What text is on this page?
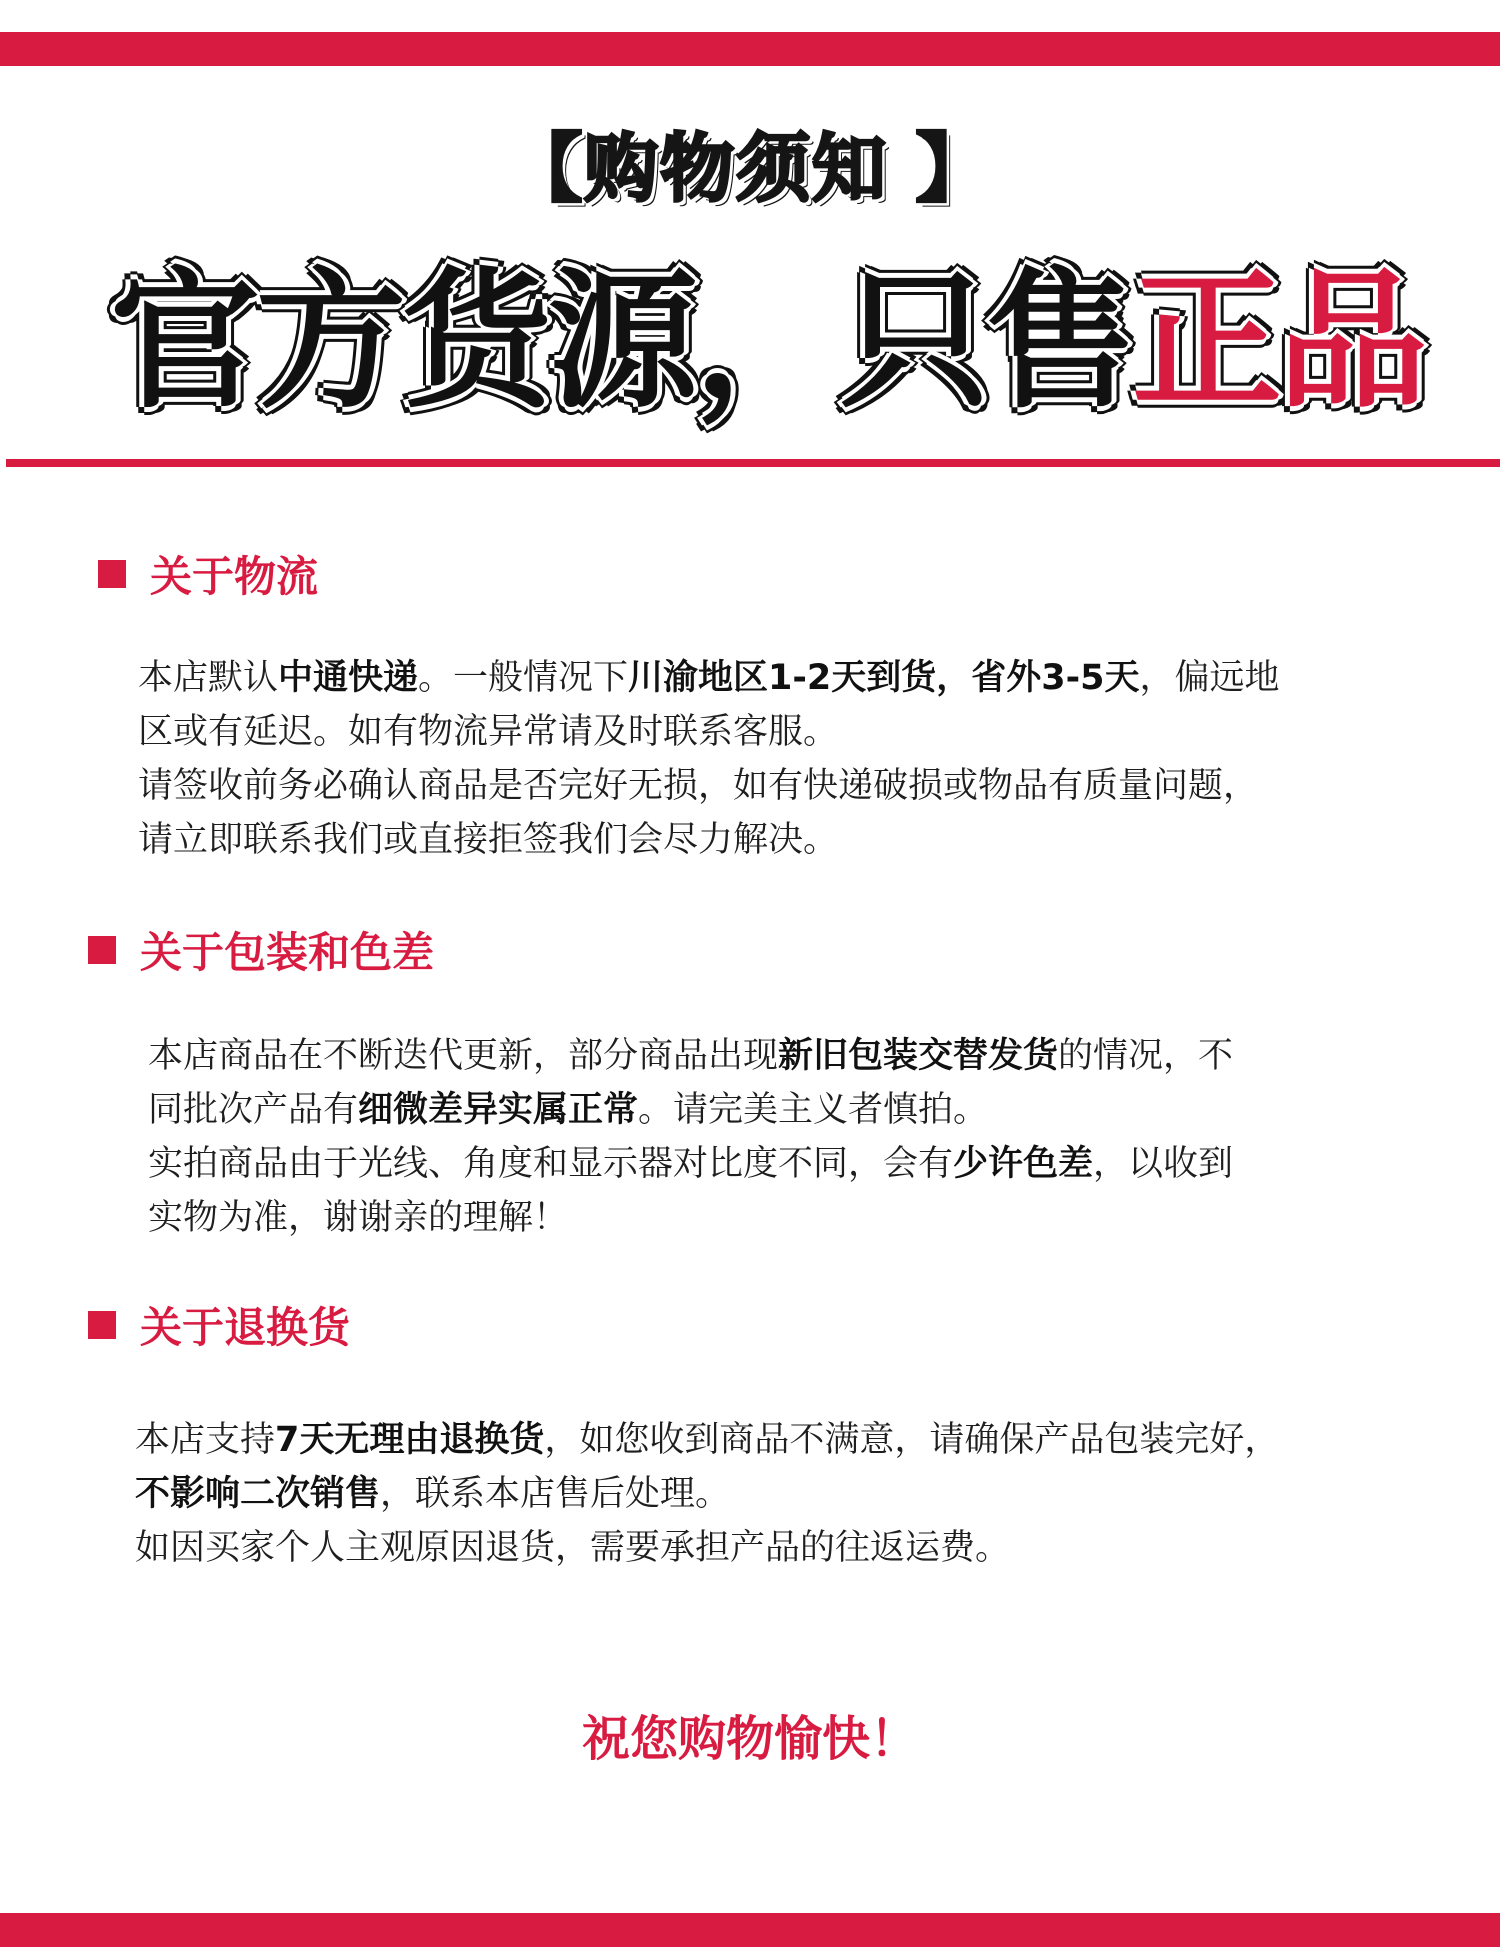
【购物须知 】
官方货源，只售正品
关于物流
本店默认中通快递。一般情况下川渝地区1-2天到货，省外3-5天，偏远地
区或有延迟。如有物流异常请及时联系客服。
请签收前务必确认商品是否完好无损，如有快递破损或物品有质量问题，
请立即联系我们或直接拒签我们会尽力解决。
关于包装和色差
本店商品在不断迭代更新，部分商品出现新旧包装交替发货的情况，不
同批次产品有细微差异实属正常。请完美主义者慎拍。
实拍商品由于光线、角度和显示器对比度不同，会有少许色差，以收到
实物为准，谢谢亲的理解！
关于退换货
本店支持7天无理由退换货，如您收到商品不满意，请确保产品包装完好，
不影响二次销售，联系本店售后处理。
如因买家个人主观原因退货，需要承担产品的往返运费。
祝您购物愉快！
